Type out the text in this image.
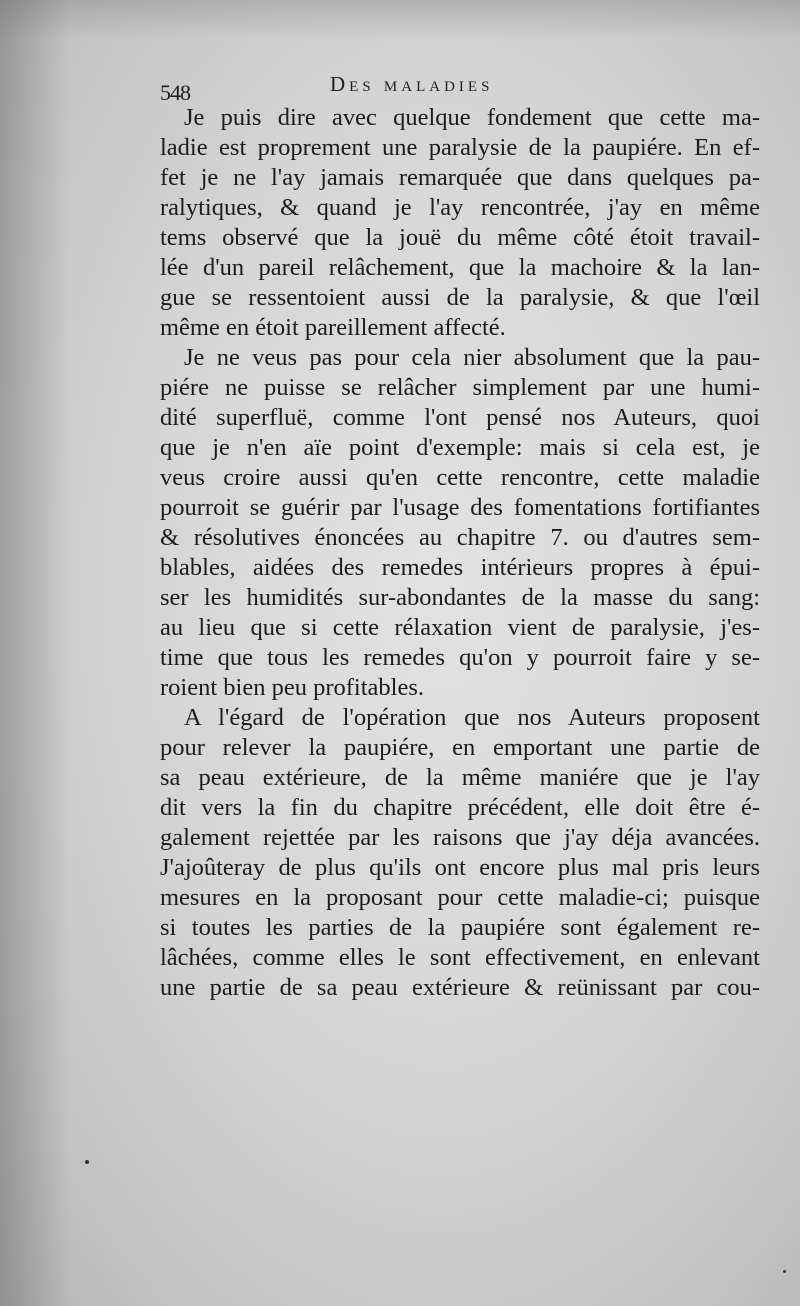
548	Des maladies
Je puis dire avec quelque fondement que cette ma-
ladie est proprement une paralysie de la paupiére. En ef-
fet je ne l'ay jamais remarquée que dans quelques pa-
ralytiques, & quand je l'ay rencontrée, j'ay en même
tems observé que la jouë du même côté étoit travail-
lée d'un pareil relâchement, que la machoire & la lan-
gue se ressentoient aussi de la paralysie, & que l'œil
même en étoit pareillement affecté.
Je ne veus pas pour cela nier absolument que la pau-
piére ne puisse se relâcher simplement par une humi-
dité superfluë, comme l'ont pensé nos Auteurs, quoi
que je n'en aïe point d'exemple: mais si cela est, je
veus croire aussi qu'en cette rencontre, cette maladie
pourroit se guérir par l'usage des fomentations fortifiantes
& résolutives énoncées au chapitre 7. ou d'autres sem-
blables, aidées des remedes intérieurs propres à épui-
ser les humidités sur-abondantes de la masse du sang:
au lieu que si cette rélaxation vient de paralysie, j'es-
time que tous les remedes qu'on y pourroit faire y se-
roient bien peu profitables.
A l'égard de l'opération que nos Auteurs proposent
pour relever la paupiére, en emportant une partie de
sa peau extérieure, de la même maniére que je l'ay
dit vers la fin du chapitre précédent, elle doit être é-
galement rejettée par les raisons que j'ay déja avancées.
J'ajoûteray de plus qu'ils ont encore plus mal pris leurs
mesures en la proposant pour cette maladie-ci; puisque
si toutes les parties de la paupiére sont également re-
lâchées, comme elles le sont effectivement, en enlevant
une partie de sa peau extérieure & reünissant par cou-
